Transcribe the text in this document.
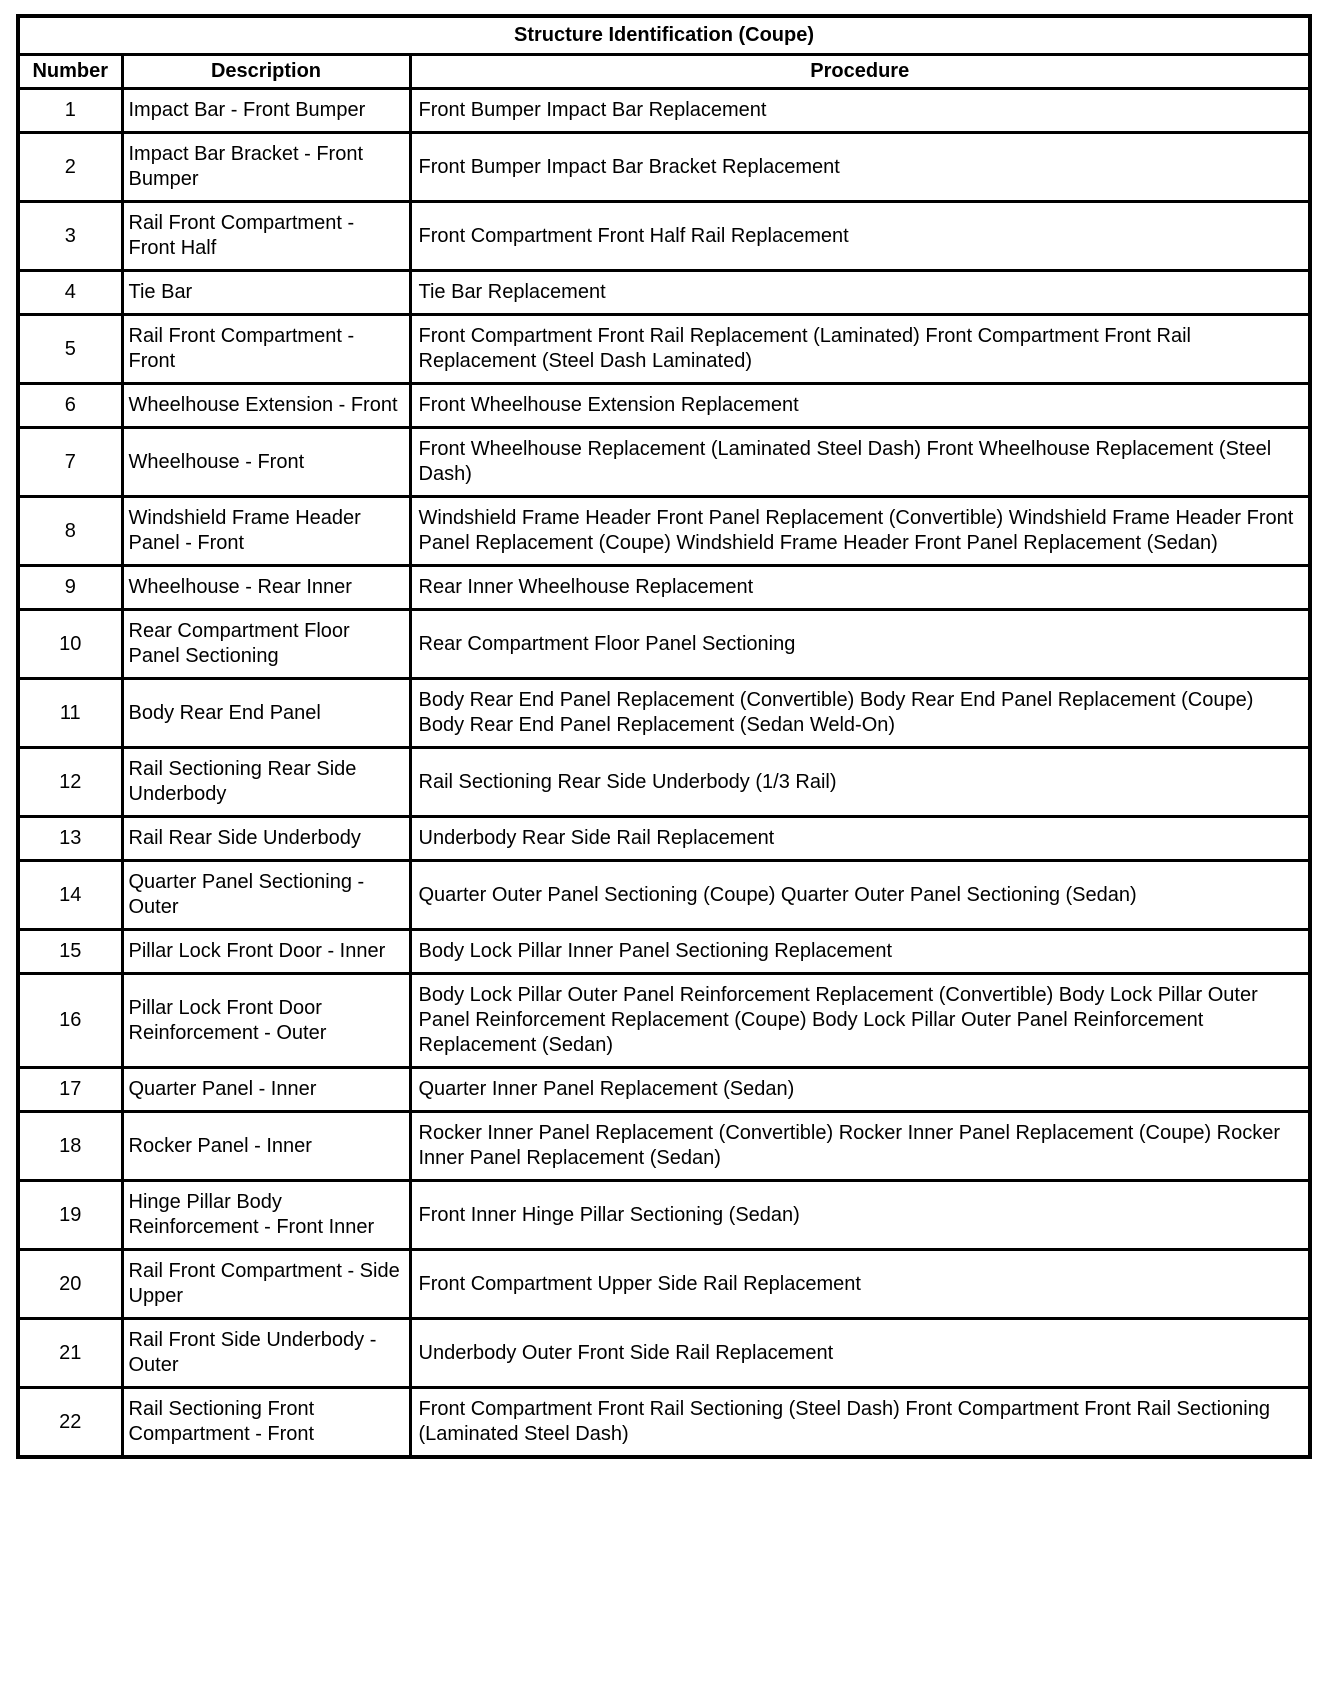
Structure Identification (Coupe)		
Number	Description	Procedure
1	Impact Bar - Front Bumper	Front Bumper Impact Bar Replacement
2	Impact Bar Bracket - Front Bumper	Front Bumper Impact Bar Bracket Replacement
3	Rail Front Compartment - Front Half	Front Compartment Front Half Rail Replacement
4	Tie Bar	Tie Bar Replacement
5	Rail Front Compartment - Front	Front Compartment Front Rail Replacement (Laminated) Front Compartment Front Rail Replacement (Steel Dash Laminated)
6	Wheelhouse Extension - Front	Front Wheelhouse Extension Replacement
7	Wheelhouse - Front	Front Wheelhouse Replacement (Laminated Steel Dash) Front Wheelhouse Replacement (Steel Dash)
8	Windshield Frame Header Panel - Front	Windshield Frame Header Front Panel Replacement (Convertible) Windshield Frame Header Front Panel Replacement (Coupe) Windshield Frame Header Front Panel Replacement (Sedan)
9	Wheelhouse - Rear Inner	Rear Inner Wheelhouse Replacement
10	Rear Compartment Floor Panel Sectioning	Rear Compartment Floor Panel Sectioning
11	Body Rear End Panel	Body Rear End Panel Replacement (Convertible) Body Rear End Panel Replacement (Coupe) Body Rear End Panel Replacement (Sedan Weld-On)
12	Rail Sectioning Rear Side Underbody	Rail Sectioning Rear Side Underbody (1/3 Rail)
13	Rail Rear Side Underbody	Underbody Rear Side Rail Replacement
14	Quarter Panel Sectioning - Outer	Quarter Outer Panel Sectioning (Coupe) Quarter Outer Panel Sectioning (Sedan)
15	Pillar Lock Front Door - Inner	Body Lock Pillar Inner Panel Sectioning Replacement
16	Pillar Lock Front Door Reinforcement - Outer	Body Lock Pillar Outer Panel Reinforcement Replacement (Convertible) Body Lock Pillar Outer Panel Reinforcement Replacement (Coupe) Body Lock Pillar Outer Panel Reinforcement Replacement (Sedan)
17	Quarter Panel - Inner	Quarter Inner Panel Replacement (Sedan)
18	Rocker Panel - Inner	Rocker Inner Panel Replacement (Convertible) Rocker Inner Panel Replacement (Coupe) Rocker Inner Panel Replacement (Sedan)
19	Hinge Pillar Body Reinforcement - Front Inner	Front Inner Hinge Pillar Sectioning (Sedan)
20	Rail Front Compartment - Side Upper	Front Compartment Upper Side Rail Replacement
21	Rail Front Side Underbody - Outer	Underbody Outer Front Side Rail Replacement
22	Rail Sectioning Front Compartment - Front	Front Compartment Front Rail Sectioning (Steel Dash) Front Compartment Front Rail Sectioning (Laminated Steel Dash)
